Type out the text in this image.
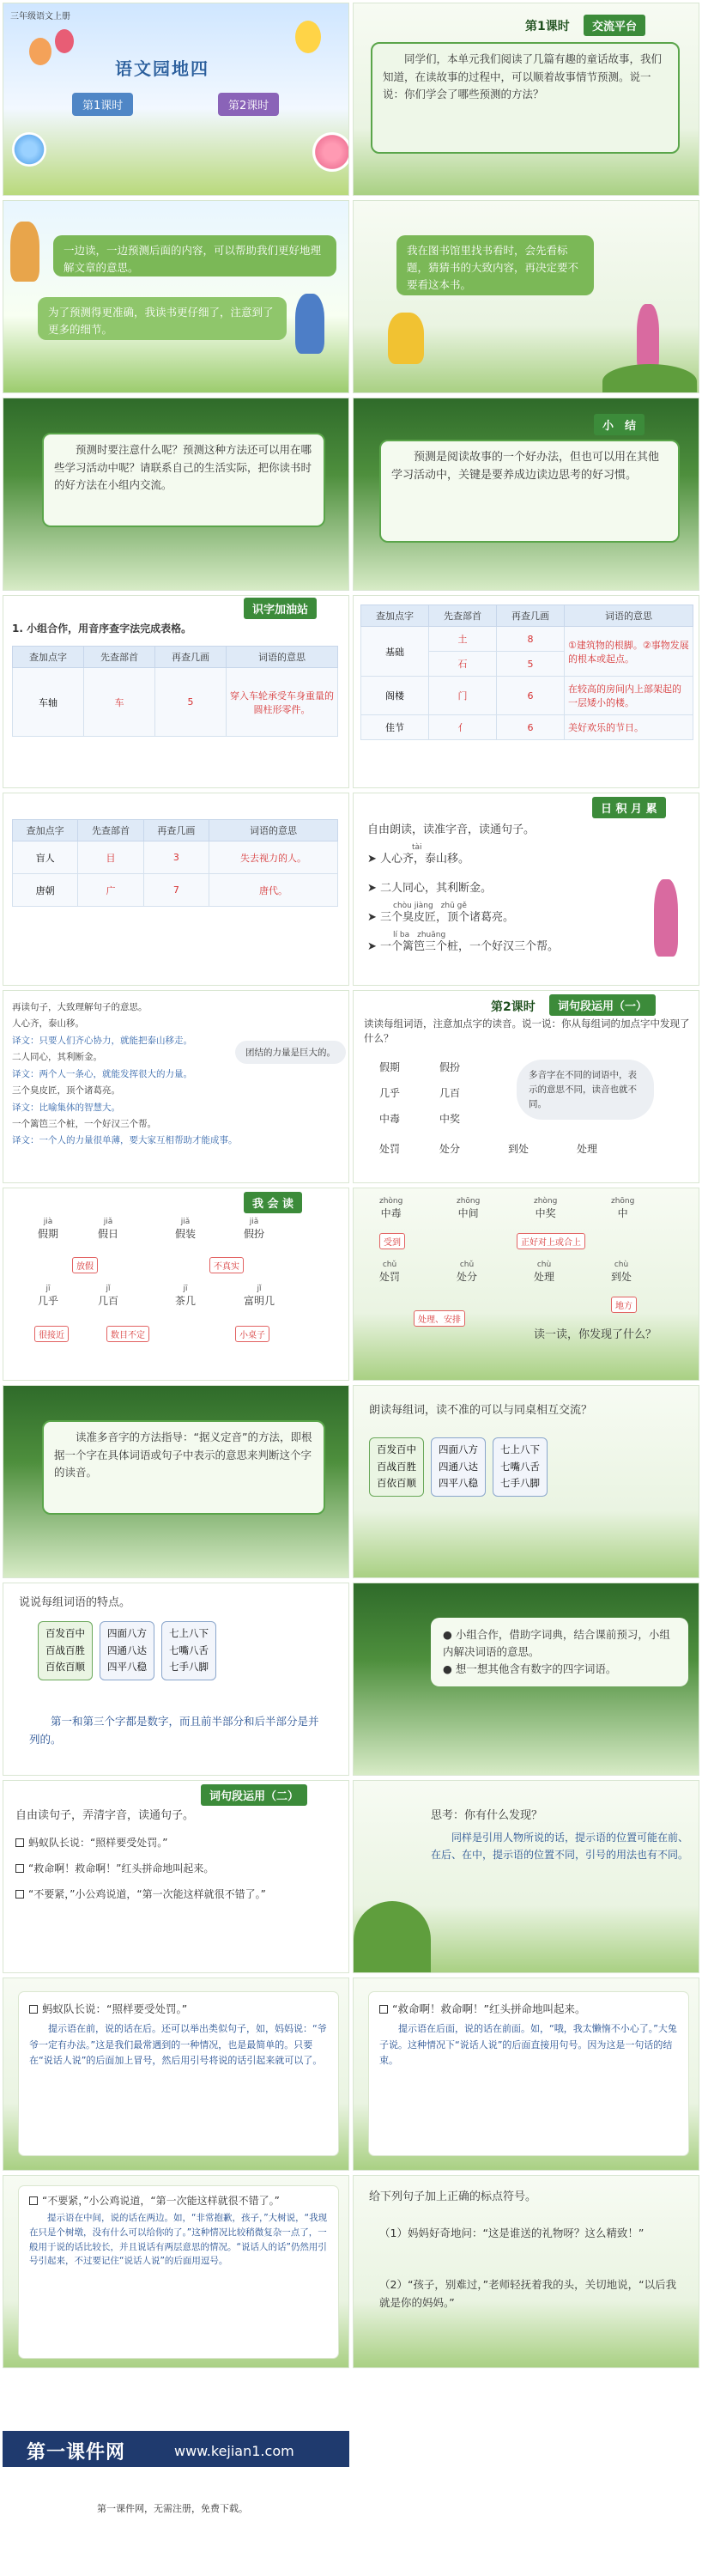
三年级语文上册
语文园地四
第1课时	第2课时
第1课时	交流平台
同学们，本单元我们阅读了几篇有趣的童话故事，我们知道，在读故事的过程中，可以顺着故事情节预测。说一说：你们学会了哪些预测的方法？
一边读，一边预测后面的内容，可以帮助我们更好地理解文章的意思。
为了预测得更准确，我读书更仔细了，注意到了更多的细节。
我在图书馆里找书看时，会先看标题，猜猜书的大致内容，再决定要不要看这本书。
预测时要注意什么呢？预测这种方法还可以用在哪些学习活动中呢？请联系自己的生活实际，把你读书时的好方法在小组内交流。
小　结
预测是阅读故事的一个好办法，但也可以用在其他学习活动中，关键是要养成边读边思考的好习惯。
识字加油站
1. 小组合作，用音序查字法完成表格。
查加点字	先查部首	再查几画	词语的意思
车轴	车	5	穿入车轮承受车身重量的圆柱形零件。
查加点字	先查部首	再查几画	词语的意思
基础	土	8	①建筑物的根脚。②事物发展的根本或起点。
	石	5	
阁楼	门	6	在较高的房间内上部架起的一层矮小的楼。
佳节	亻	6	美好欢乐的节日。
查加点字	先查部首	再查几画	词语的意思
盲人	目	3	失去视力的人。
唐朝	广	7	唐代。
日 积 月 累
自由朗读，读准字音，读通句子。
tài
➤ 人心齐，泰山移。
➤ 二人同心，其利断金。
chòu jiàng　zhū gě
➤ 三个臭皮匠，顶个诸葛亮。
lí ba　zhuāng
➤ 一个篱笆三个桩，一个好汉三个帮。
再读句子，大致理解句子的意思。
人心齐，泰山移。
译文：只要人们齐心协力，就能把泰山移走。
二人同心，其利断金。
译文：两个人一条心，就能发挥很大的力量。
三个臭皮匠，顶个诸葛亮。
译文：比喻集体的智慧大。
一个篱笆三个桩，一个好汉三个帮。
译文：一个人的力量很单薄，要大家互相帮助才能成事。
团结的力量是巨大的。
第2课时	词句段运用（一）
读读每组词语，注意加点字的读音。说一说：你从每组词的加点字中发现了什么？
假期	假扮
几乎	几百
中毒	中奖
处罚	处分	到处	处理
多音字在不同的词语中，表示的意思不同，读音也就不同。
我 会 读
jià
假期
jiǎ
假日
jiǎ
假装
jiǎ
假扮
放假	不真实
jī
几乎
jǐ
几百
jī
茶几
jǐ
富明几
很接近	数目不定	小桌子
zhòng
中毒
zhōng
中间
zhòng
中奖
zhōng
中
受到	正好对上或合上
chǔ
处罚
chǔ
处分
chù
处理
chù
到处
地方
处理、安排
读一读，你发现了什么？
读准多音字的方法指导：“据义定音”的方法，即根据一个字在具体词语或句子中表示的意思来判断这个字的读音。
朗读每组词，读不准的可以与同桌相互交流？
百发百中
百战百胜
百依百顺
四面八方
四通八达
四平八稳
七上八下
七嘴八舌
七手八脚
说说每组词语的特点。
百发百中
百战百胜
百依百顺
四面八方
四通八达
四平八稳
七上八下
七嘴八舌
七手八脚
第一和第三个字都是数字，而且前半部分和后半部分是并列的。
● 小组合作，借助字词典，结合课前预习，小组内解决词语的意思。
● 想一想其他含有数字的四字词语。
词句段运用（二）
自由读句子，弄清字音，读通句子。
蚂蚁队长说：“照样要受处罚。”
“救命啊！救命啊！”红头拼命地叫起来。
“不要紧，”小公鸡说道，“第一次能这样就很不错了。”
思考：你有什么发现？
同样是引用人物所说的话，提示语的位置可能在前、在后、在中，提示语的位置不同，引号的用法也有不同。
蚂蚁队长说：“照样要受处罚。”
提示语在前，说的话在后。还可以举出类似句子，如，妈妈说：“爷爷一定有办法。”这是我们最常遇到的一种情况，也是最简单的。只要在“说话人说”的后面加上冒号，然后用引号将说的话引起来就可以了。
“救命啊！救命啊！”红头拼命地叫起来。
提示语在后面，说的话在前面。如，“哦，我太懒惰不小心了。”大兔子说。这种情况下“说话人说”的后面直接用句号。因为这是一句话的结束。
“不要紧，”小公鸡说道，“第一次能这样就很不错了。”
提示语在中间，说的话在两边。如，“非常抱歉，孩子，”大树说，“我现在只是个树墩，没有什么可以给你的了。”这种情况比较稍微复杂一点了，一般用于说的话比较长，并且说话有两层意思的情况。“说话人的话”仍然用引号引起来，不过要记住“说话人说”的后面用逗号。
给下列句子加上正确的标点符号。
（1）妈妈好奇地问：“这是谁送的礼物呀？这么精致！”
（2）“孩子，别难过，”老师轻抚着我的头，关切地说，“以后我就是你的妈妈。”
第一课件网	www.kejian1.com
第一课件网，无需注册，免费下载。
